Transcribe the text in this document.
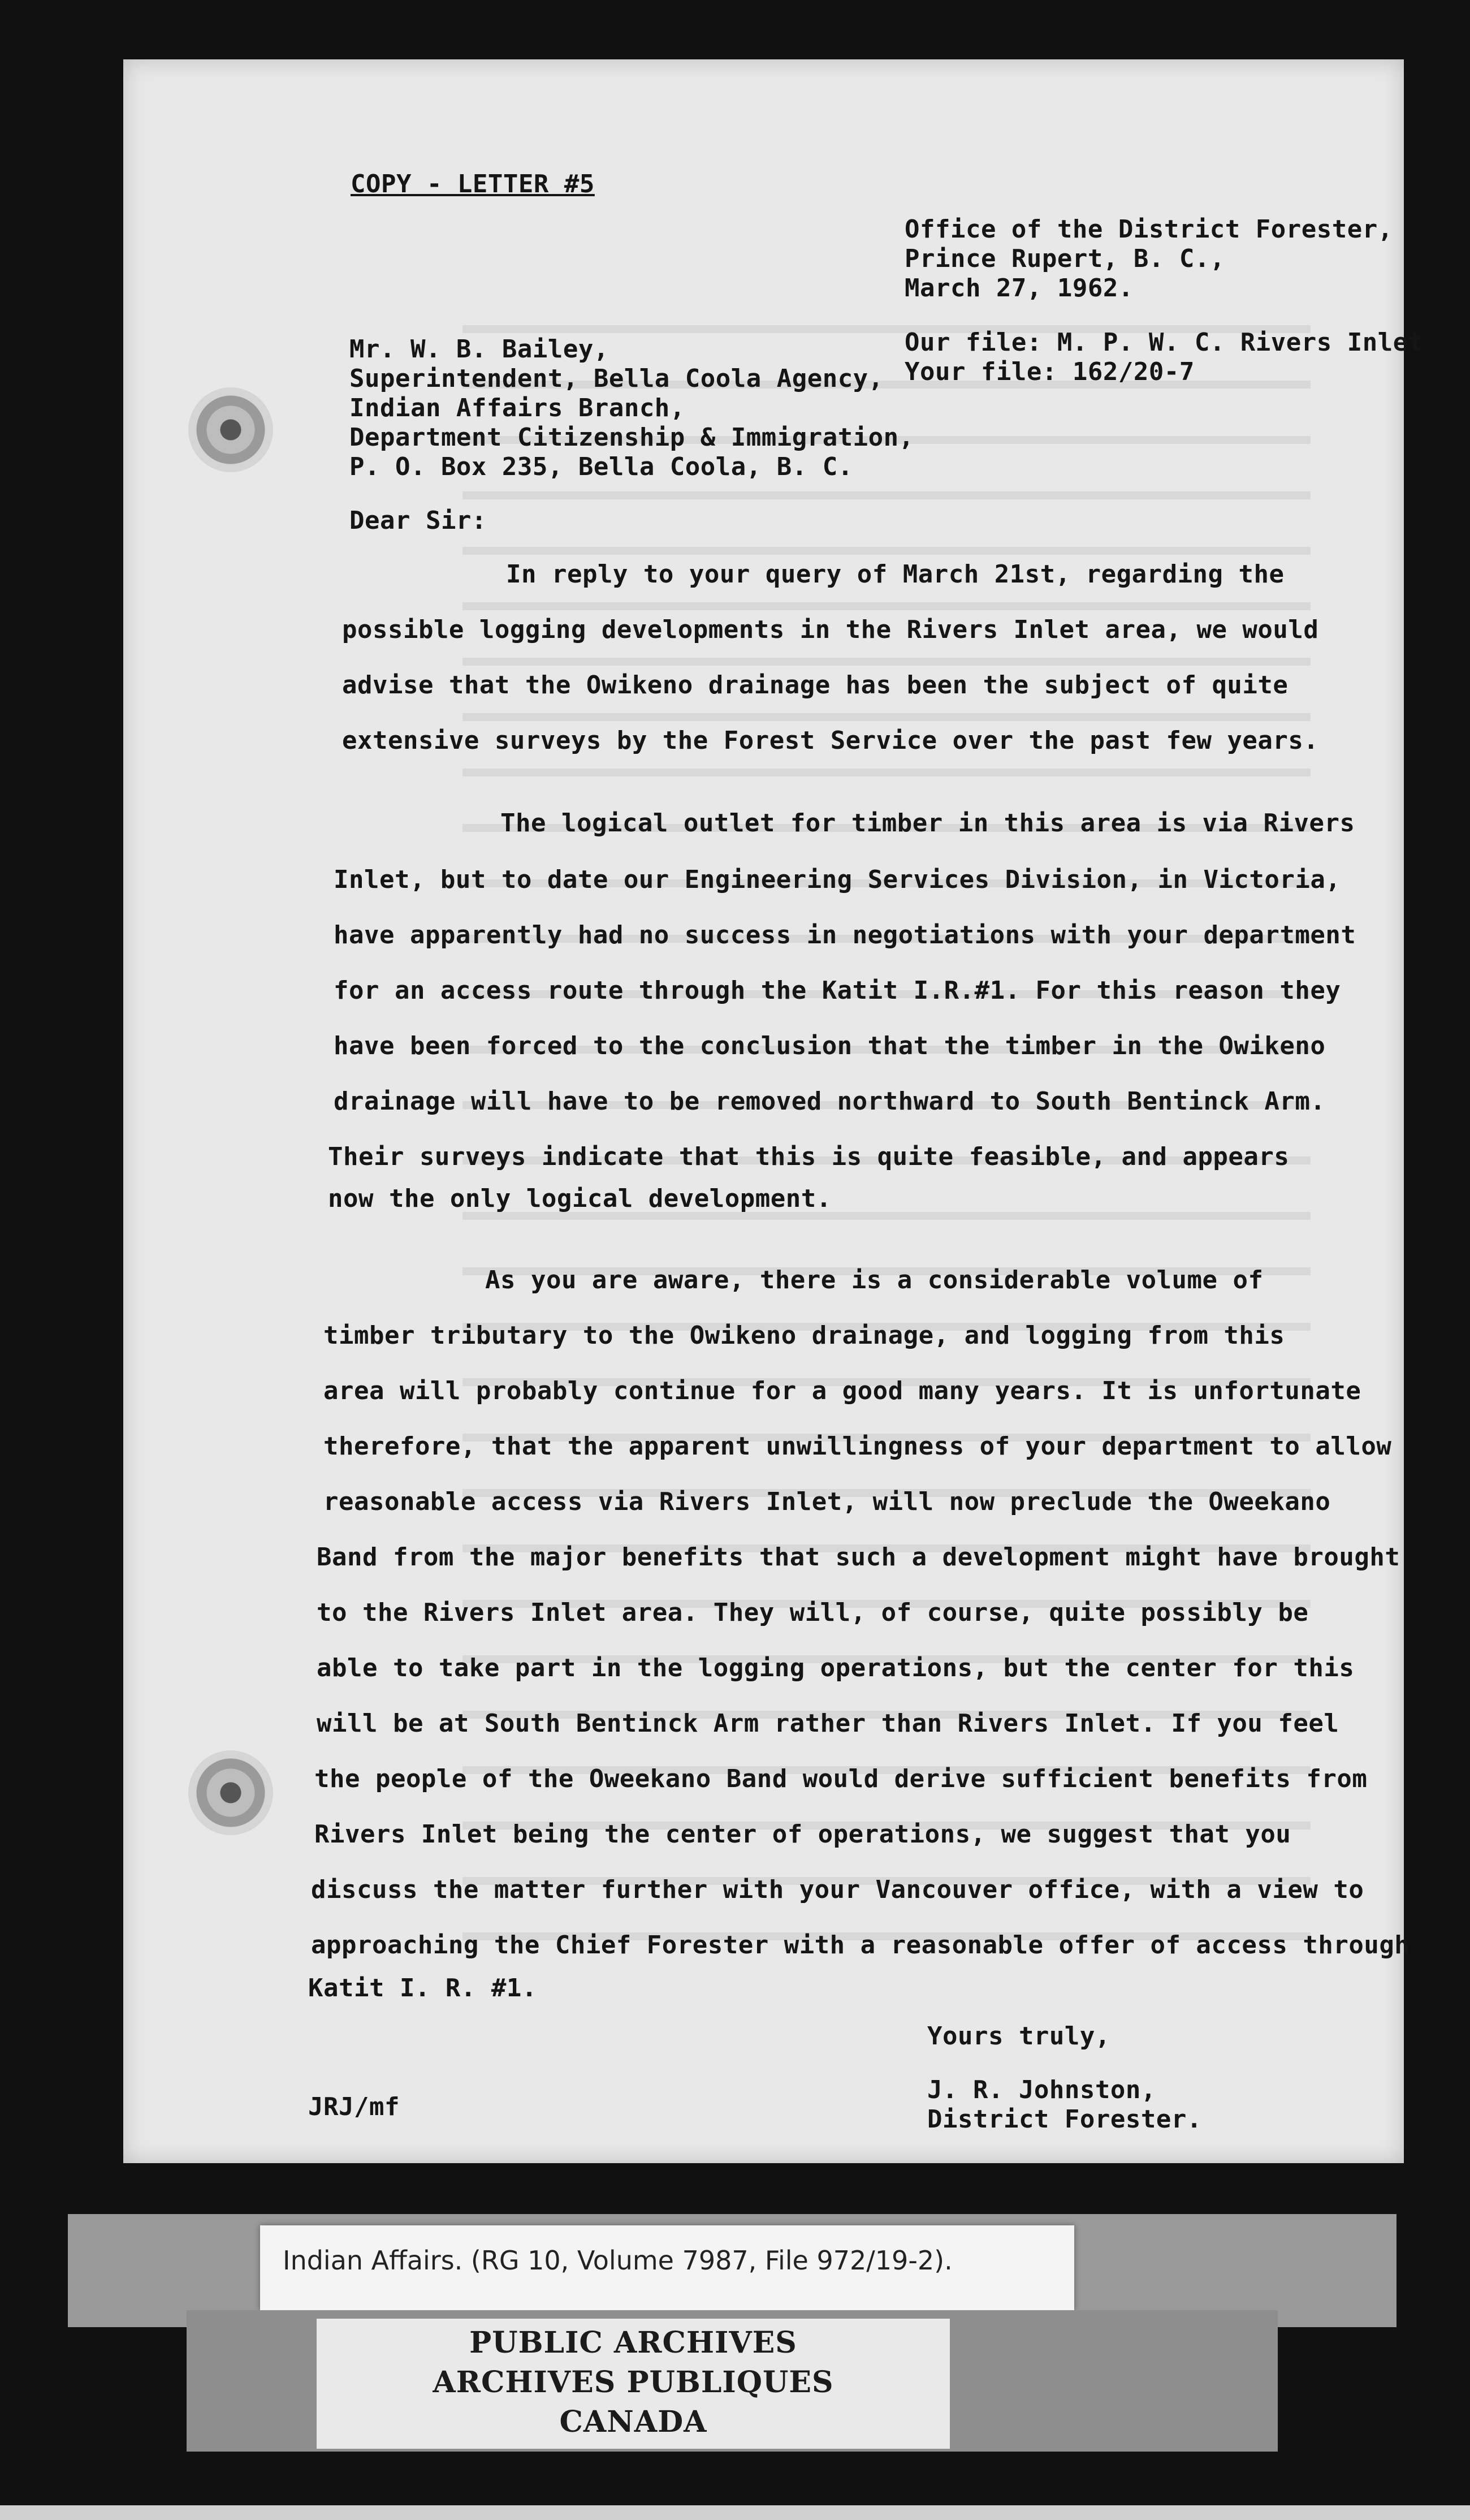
COPY - LETTER #5
Office of the District Forester,
Prince Rupert, B. C.,
March 27, 1962.
Our file: M. P. W. C. Rivers Inlet
Your file: 162/20-7
Mr. W. B. Bailey,
Superintendent, Bella Coola Agency,
Indian Affairs Branch,
Department Citizenship & Immigration,
P. O. Box 235, Bella Coola, B. C.
Dear Sir:
In reply to your query of March 21st, regarding the
possible logging developments in the Rivers Inlet area, we would
advise that the Owikeno drainage has been the subject of quite
extensive surveys by the Forest Service over the past few years.
The logical outlet for timber in this area is via Rivers
Inlet, but to date our Engineering Services Division, in Victoria,
have apparently had no success in negotiations with your department
for an access route through the Katit I.R.#1. For this reason they
have been forced to the conclusion that the timber in the Owikeno
drainage will have to be removed northward to South Bentinck Arm.
Their surveys indicate that this is quite feasible, and appears
now the only logical development.
As you are aware, there is a considerable volume of
timber tributary to the Owikeno drainage, and logging from this
area will probably continue for a good many years. It is unfortunate
therefore, that the apparent unwillingness of your department to allow
reasonable access via Rivers Inlet, will now preclude the Oweekano
Band from the major benefits that such a development might have brought
to the Rivers Inlet area. They will, of course, quite possibly be
able to take part in the logging operations, but the center for this
will be at South Bentinck Arm rather than Rivers Inlet. If you feel
the people of the Oweekano Band would derive sufficient benefits from
Rivers Inlet being the center of operations, we suggest that you
discuss the matter further with your Vancouver office, with a view to
approaching the Chief Forester with a reasonable offer of access through
Katit I. R. #1.
Yours truly,
J. R. Johnston,
District Forester.
JRJ/mf
Indian Affairs. (RG 10, Volume 7987, File 972/19-2).
PUBLIC ARCHIVES
ARCHIVES PUBLIQUES
CANADA
